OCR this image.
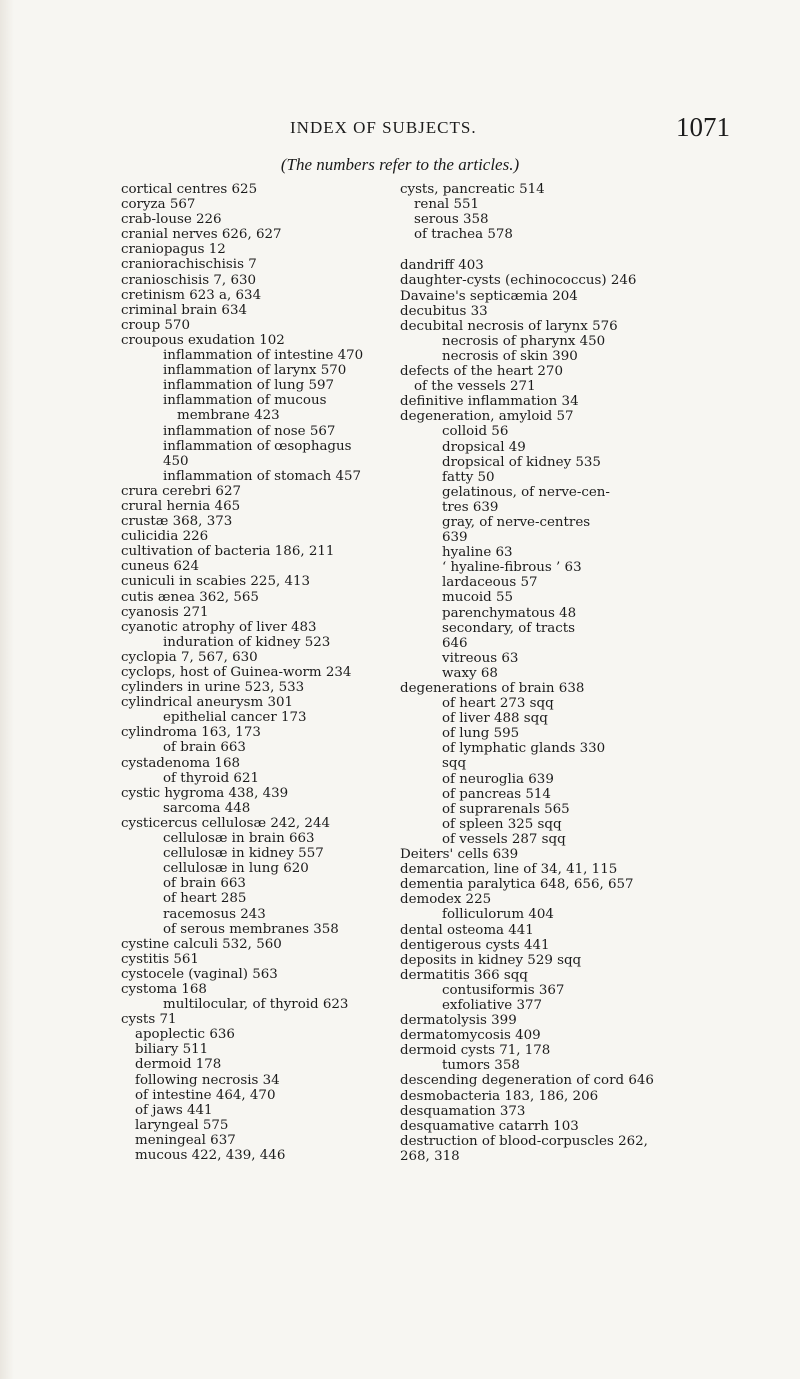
INDEX OF SUBJECTS.	1071
(The numbers refer to the articles.)
cortical centres 625
coryza 567
crab-louse 226
cranial nerves 626, 627
craniopagus 12
craniorachischisis 7
cranioschisis 7, 630
cretinism 623 a, 634
criminal brain 634
croup 570
croupous exudation 102
inflammation of intestine 470
inflammation of larynx 570
inflammation of lung 597
inflammation of mucous
membrane 423
inflammation of nose 567
inflammation of œsophagus
450
inflammation of stomach 457
crura cerebri 627
crural hernia 465
crustæ 368, 373
culicidia 226
cultivation of bacteria 186, 211
cuneus 624
cuniculi in scabies 225, 413
cutis ænea 362, 565
cyanosis 271
cyanotic atrophy of liver 483
induration of kidney 523
cyclopia 7, 567, 630
cyclops, host of Guinea-worm 234
cylinders in urine 523, 533
cylindrical aneurysm 301
epithelial cancer 173
cylindroma 163, 173
of brain 663
cystadenoma 168
of thyroid 621
cystic hygroma 438, 439
sarcoma 448
cysticercus cellulosæ 242, 244
cellulosæ in brain 663
cellulosæ in kidney 557
cellulosæ in lung 620
of brain 663
of heart 285
racemosus 243
of serous membranes 358
cystine calculi 532, 560
cystitis 561
cystocele (vaginal) 563
cystoma 168
multilocular, of thyroid 623
cysts 71
apoplectic 636
biliary 511
dermoid 178
following necrosis 34
of intestine 464, 470
of jaws 441
laryngeal 575
meningeal 637
mucous 422, 439, 446
cysts, pancreatic 514
renal 551
serous 358
of trachea 578
dandriff 403
daughter-cysts (echinococcus) 246
Davaine's septicæmia 204
decubitus 33
decubital necrosis of larynx 576
necrosis of pharynx 450
necrosis of skin 390
defects of the heart 270
of the vessels 271
definitive inflammation 34
degeneration, amyloid 57
colloid 56
dropsical 49
dropsical of kidney 535
fatty 50
gelatinous, of nerve-cen-
tres 639
gray, of nerve-centres
639
hyaline 63
‘ hyaline-fibrous ’ 63
lardaceous 57
mucoid 55
parenchymatous 48
secondary, of tracts
646
vitreous 63
waxy 68
degenerations of brain 638
of heart 273 sqq
of liver 488 sqq
of lung 595
of lymphatic glands 330
sqq
of neuroglia 639
of pancreas 514
of suprarenals 565
of spleen 325 sqq
of vessels 287 sqq
Deiters' cells 639
demarcation, line of 34, 41, 115
dementia paralytica 648, 656, 657
demodex 225
folliculorum 404
dental osteoma 441
dentigerous cysts 441
deposits in kidney 529 sqq
dermatitis 366 sqq
contusiformis 367
exfoliative 377
dermatolysis 399
dermatomycosis 409
dermoid cysts 71, 178
tumors 358
descending degeneration of cord 646
desmobacteria 183, 186, 206
desquamation 373
desquamative catarrh 103
destruction of blood-corpuscles 262,
268, 318
